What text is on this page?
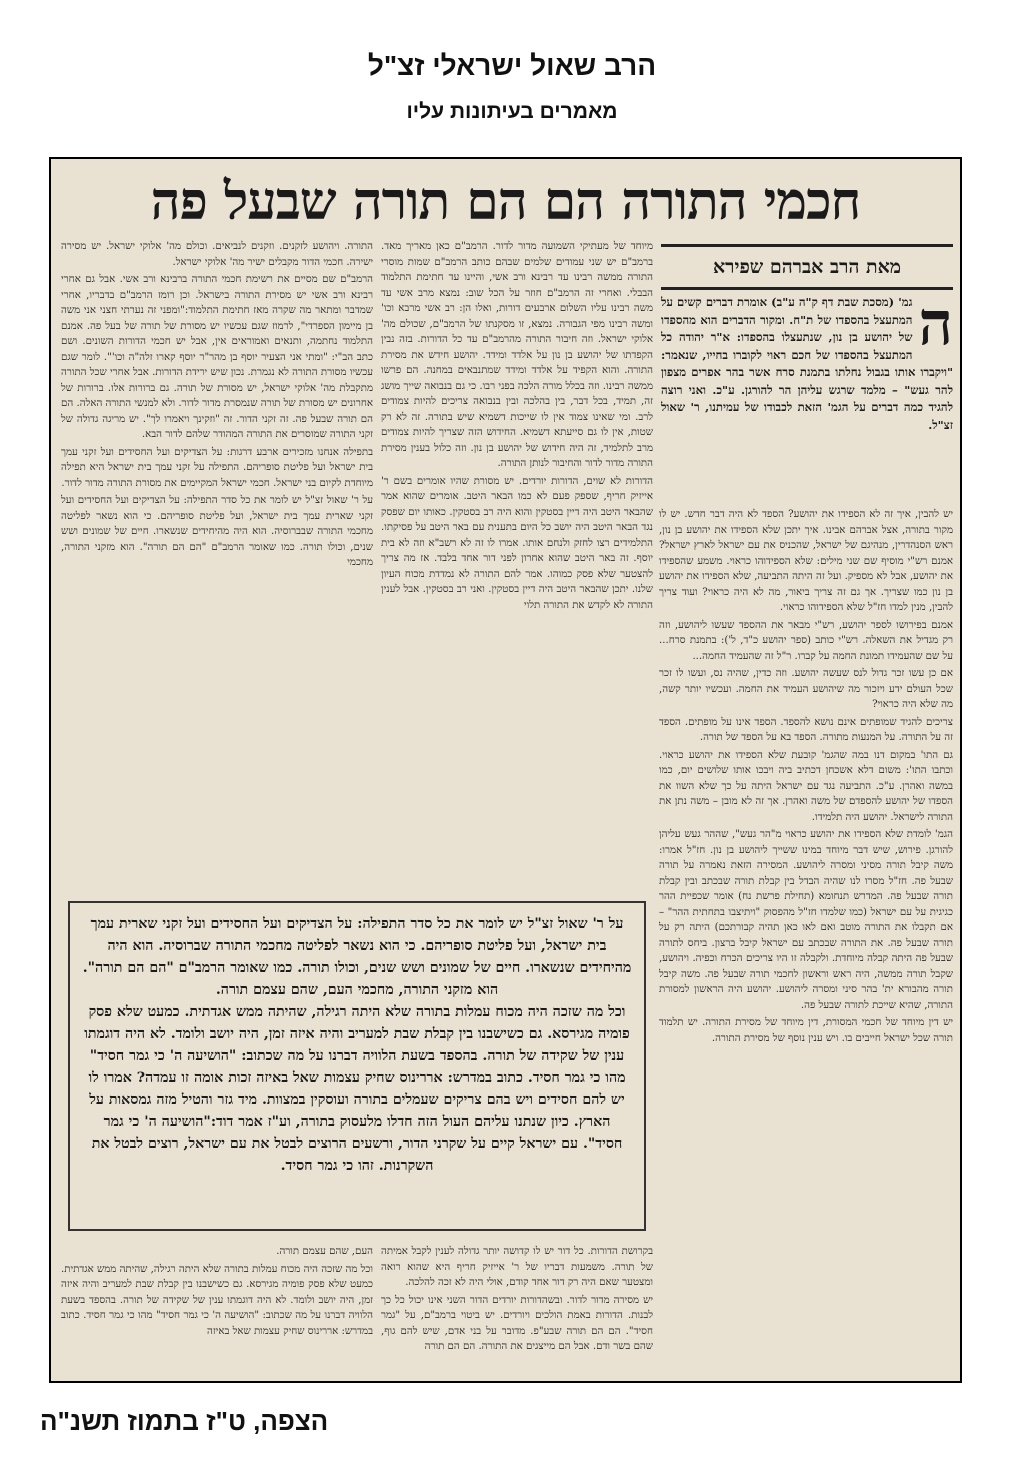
הרב שאול ישראלי זצ"ל
מאמרים בעיתונות עליו
חכמי התורה הם הם תורה שבעל פה

התורה. ויהושע לזקנים. וזקנים לנביאים. וכולם מה' אלוקי ישראל. יש מסירה ישירה. חכמי הדור מקבלים ישיר מה' אלוקי ישראל.

הרמב"ם שם מסיים את רשימת חכמי התורה ברבינא ורב אשי. אבל גם אחרי רבינא ורב אשי יש מסירת התורה בישראל. וכן רומז הרמב"ם בדבריו, אחרי שמדבר ומתאר מה שקרה מאז חתימת התלמוד:"ומפני זה נערתי חצני אני משה בן מיימון הספרדי", לרמוז שגם עכשיו יש מסורת של תורה של בעל פה. אמנם התלמוד נחתמה, ותנאים ואמוראים אין, אבל יש חכמי הדורות השונים. ושם כתב הב"י: "ומתי אני הצעיר יוסף בן מהר"ר יוסף קארו זלה"ה וכו'". לומר שגם עכשיו מסורת התורה לא נגמרת. נכון שיש ירידת הדורות. אבל אחרי שכל התורה מתקבלת מה' אלוקי ישראל, יש מסורת של תורה. גם ברורות אלו. ברורות של אחרונים יש מסורת של תורה שנמסרת מדור לדור. ולא למנשי התורה האלה. הם הם תורה שבעל פה. זה זקני הדור. זה "וזקינך ויאמרו לך". יש מריגה גדולה של זקני התורה שמוסרים את התורה המהודר שלהם לדור הבא.

בתפילה אנחנו מזכירים ארבע דרגות: על הצדיקים ועל החסידים ועל זקני עמך בית ישראל ועל פליטת סופריהם. התפילה על זקני עמך בית ישראל היא תפילה מיוחדת לקיום בני ישראל. חכמי ישראל המקיימים את מסורת התורה מדור לדור.

על ר' שאול זצ"ל יש לומר את כל סדר התפילה: על הצדיקים ועל החסידים ועל זקני שארית עמך בית ישראל, ועל פליטת סופריהם. כי הוא נשאר לפליטה מחכמי התורה שבברוסיה. הוא היה מהיחידים שנשארו. חיים של שמונים ושש שנים, וכולו תורה. כמו שאומר הרמב"ם "הם הם תורה". הוא מזקני התורה, מחכמי

מיוחד של מעתיקי השמועה מדור לדור. הרמב"ם כאן מאריך מאד. ברמב"ם יש שני עמודים שלמים שבהם כותב הרמב"ם שמות מוסרי התורה ממשה רבינו עד רבינא ורב אשי, והיינו עד חתימת התלמוד הבבלי. ואחרי זה הרמב"ם חוזר על הכל שוב: נמצא מרב אשי עד משה רבינו עליו השלום ארבעים דורות, ואלו הן: רב אשי מרבא וכו' ומשה רבינו מפי הגבורה. נמצא, זו מסקנתו של הרמב"ם, שכולם מה' אלוקי ישראל. וזה חיבור התורה מהרמב"ם עד כל הדורות. בזה נבין הקפדתו של יהושע בן נון על אלדד ומידד. יהושע חידש את מסירת התורה. והוא הקפיד על אלדד ומידד שמתנבאים במחנה. הם פרשו ממשה רבינו. וזה בכלל מורה הלכה בפני רבו. כי גם בנבואה שייך מושג זה, תמיד, בכל דבר, בין בהלכה ובין בנבואה צריכים להיות צמודים לרב. ומי שאינו צמוד אין לו שייכות דשמיא שיש בתורה. זה לא רק שטות, אין לו גם סייעתא דשמיא. החידוש הזה שצריך להיות צמודים מרב לתלמיד, זה היה חידוש של יהושע בן נון. וזה כלול בענין מסירת התורה מדור לדור והחיבור לנותן התורה.

הדורות לא שוים, הדורות יורדים. יש מסורת שהיו אומרים בשם ר' אייזיק חריף, שספק פעם לא כמו הבאר היטב. אומרים שהוא אמר שהבאר היטב היה דיין בסטקין והוא היה רב בסטקין. כאותו יום שפסק נגד הבאר היטב היה יושב כל היום בתענית עם באר היטב על פסיקתו. התלמידים רצו לחזק ולנחם אותו. אמרו לו זה לא רשב"א וזה לא בית יוסף. זה באר היטב שהוא אחרון לפני דור אחד בלבד. אז מה צריך להצטער שלא פסק כמוהו. אמר להם התורה לא נמדדת מכוח העיון שלנו. יתכן שהבאר היטב היה דיין בסטקין. ואני רב בסטקין. אבל לענין התורה לא לקדש את התורה תלוי

מאת הרב אברהם שפירא
ה
גמ' (מסכת שבת דף ק"ה ע"ב) אומרת דברים קשים על המתעצל בהספדו של ת"ח. ומקור הדברים הוא מהספדו של יהושע בן נון, שנתעצלו בהספדו: א"ר יהודה כל המתעצל בהספדו של חכם ראוי לקוברו בחייו, שנאמר: "ויקברו אותו בגבול נחלתו בתמנת סרח אשר בהר אפרים מצפון להר געש" – מלמד שרגש עליהן הר להורגן. ע"כ. ואני רוצה להגיד כמה דברים על הגמ' הזאת לכבודו של עמיתנו, ר' שאול זצ"ל.

יש להבין, איך זה לא הספידו את יהושע? הספד לא היה דבר חדש. יש לו מקור בתורה, אצל אברהם אבינו. איך יתכן שלא הספידו את יהושע בן נון, ראש הסנהדרין, מנהיגם של ישראל, שהכניס את עם ישראל לארץ ישראל? אמנם רש"י מוסיף שם שני מילים: שלא הספידוהו כראוי. משמע שהספידו את יהושע, אבל לא מספיק. ועל זה היתה התביעה, שלא הספידו את יהושע בן נון כמו שצריך. אך גם זה צריך ביאור, מה לא היה כראוי? ועוד צריך להבין, מנין למדו חז"ל שלא הספידוהו כראוי.

אמנם בפירושו לספר יהושע, רש"י מבאר את ההספד שעשו ליהושע, וזה רק מגדיל את השאלה. רש"י כותב (ספר יהושע כ"ד, ל'): בתמנת סרח... על שם שהעמידו תמונת החמה על קברו. ר"ל זה שהעמיד החמה...

אם כן עשו זכר גדול לנס שעשה יהושע. וזה כדין, שהיה נס, ועשו לו זכר שכל העולם ידע ויזכור מה שיהושע העמיד את החמה. ועכשיו יותר קשה, מה שלא היה כראוי?

צריכים להגיד שמופתים אינם נושא להספד. הספד אינו על מופתים. הספד זה על התורה. על המנעות מתורה. הספד בא על הספד של תורה.

גם התו' במקום דנו במה שהגמ' קובעת שלא הספידו את יהושע כראוי. וכתבו התו': משום דלא אשכחן דכתיב ביה ויבכו אותו שלושים יום, כמו במשה ואהרן. ע"כ. התביעה נגד עם ישראל היתה על כך שלא השוו את הספדו של יהושע להספדם של משה ואהרן. אך זה לא מובן – משה נתן את התורה לישראל. יהושע היה תלמידו.

הגמ' לומדת שלא הספידו את יהושע כראוי מ"הר געש", שההר געש עליהן להורגן. פירוש, שיש דבר מיוחד במינו ששייך ליהושע בן נון. חז"ל אמרו: משה קיבל תורה מסיני ומסרה ליהושע. המסירה הזאת נאמרה על תורה שבעל פה. חז"ל מסרו לנו שהיה הבדל בין קבלת תורה שבכתב ובין קבלת תורה שבעל פה. המדרש תנחומא (תחילת פרשת נח) אומר שכפיית ההר כגיגית על עם ישראל (כמו שלמדו חז"ל מהפסוק "ויתיצבו בתחתית ההר" – אם תקבלו את התורה מוטב ואם לאו כאן תהיה קבורתכם) היתה רק על תורה שבעל פה. את התורה שבכתב עם ישראל קיבל ברצון. ביחס לתורה שבעל פה היתה קבלה מיוחדת. ולקבלה זו היו צריכים הכרח וכפיה. ויהושע, שקבל תורה ממשה, היה ראש וראשון לחכמי תורה שבעל פה. משה קיבל תורה מהבורא ית' בהר סיני ומסרה ליהושע. יהושע היה הראשון למסורת התורה, שהיא שייכת לתורה שבעל פה.

יש דין מיוחד של חכמי המסורת, דין מיוחד של מסירת התורה. יש תלמוד תורה שכל ישראל חייבים בו. ויש ענין נוסף של מסירת התורה.

על ר' שאול זצ"ל יש לומר את כל סדר התפילה: על הצדיקים ועל החסידים ועל זקני שארית עמך בית ישראל, ועל פליטת סופריהם. כי הוא נשאר לפליטה מחכמי התורה שברוסיה. הוא היה מהיחידים שנשארו. חיים של שמונים ושש שנים, וכולו תורה. כמו שאומר הרמב"ם "הם הם תורה". הוא מזקני התורה, מחכמי העם, שהם עצמם תורה.

וכל מה שזכה היה מכוח עמלות בתורה שלא היתה רגילה, שהיתה ממש אגדתית. כמעט שלא פסק פומיה מגירסא. גם כשישבנו בין קבלת שבת למעריב והיה איזה זמן, היה יושב ולומד. לא היה דוגמתו ענין של שקידה של תורה. בהספד בשעת הלוויה דברנו על מה שכתוב: "הושיעה ה' כי גמר חסיד" מהו כי גמר חסיד. כתוב במדרש: אררינוס שחיק עצמות שאל באיזה זכות אומה זו עמדה? אמרו לו יש להם חסידים ויש בהם צריקים שעמלים בתורה ועוסקין במצוות. מיד גזר והטיל מזה גמסאות על הארץ. כיון שנתנו עליהם העול הזה חדלו מלעסוק בתורה, וע"ז אמר דוד:"הושיעה ה' כי גמר חסיד". עם ישראל קיים על שקרני הדור, ורשעים הרוצים לבטל את עם ישראל, רוצים לבטל את השקרנות. זהו כי גמר חסיד.

בקרושת הדורות. כל דור יש לו קדושה יותר גדולה לענין לקבל אמיתה של תורה. משמעות דבריו של ר' אייזיק חריף היא שהוא רואה ומצטער שאם היה רק דור אחד קודם, אולי היה לא זכה להלכה.

יש מסירה מדור לדור. ובשהדורות יורדים הדור השני אינו יכול כל כך לבנות. הדורות באמת הולכים ויורדים. יש ביטוי ברמב"ם, על "גמר חסיד". הם הם תורה שבע"פ. מדובר על בני אדם, שיש להם גוף, שהם בשר ודם. אבל הם מייצגים את התורה. הם הם תורה

העם, שהם עצמם תורה.

וכל מה שזכה היה מכוח עמלות בתורה שלא היתה רגילה, שהיתה ממש אגדתית. כמעט שלא פסק פומיה מגירסא. גם כשישבנו בין קבלת שבת למעריב והיה איזה זמן, היה יושב ולומד. לא היה דוגמתו ענין של שקידה של תורה. בהספד בשעת הלוויה דברנו על מה שכתוב: "הושיעה ה' כי גמר חסיד" מהו כי גמר חסיד. כתוב במדרש: אררינוס שחיק עצמות שאל באיזה

הצפה, ט"ז בתמוז תשנ"ה
